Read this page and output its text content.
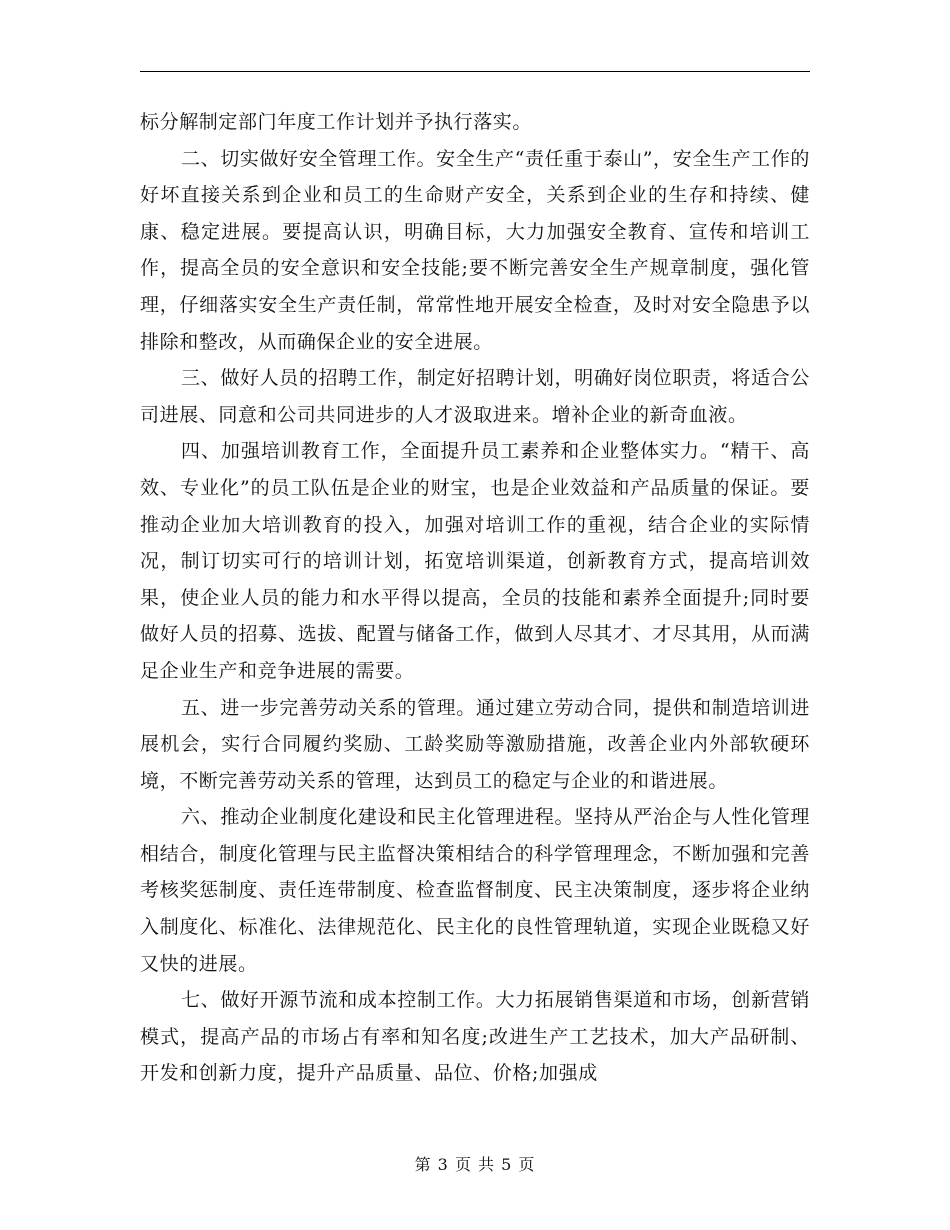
标分解制定部门年度工作计划并予执行落实。

二、切实做好安全管理工作。安全生产“责任重于泰山”，安全生产工作的好坏直接关系到企业和员工的生命财产安全，关系到企业的生存和持续、健康、稳定进展。要提高认识，明确目标，大力加强安全教育、宣传和培训工作，提高全员的安全意识和安全技能;要不断完善安全生产规章制度，强化管理，仔细落实安全生产责任制，常常性地开展安全检查，及时对安全隐患予以排除和整改，从而确保企业的安全进展。

三、做好人员的招聘工作，制定好招聘计划，明确好岗位职责，将适合公司进展、同意和公司共同进步的人才汲取进来。增补企业的新奇血液。

四、加强培训教育工作，全面提升员工素养和企业整体实力。“精干、高效、专业化”的员工队伍是企业的财宝，也是企业效益和产品质量的保证。要推动企业加大培训教育的投入，加强对培训工作的重视，结合企业的实际情况，制订切实可行的培训计划，拓宽培训渠道，创新教育方式，提高培训效果，使企业人员的能力和水平得以提高，全员的技能和素养全面提升;同时要做好人员的招募、选拔、配置与储备工作，做到人尽其才、才尽其用，从而满足企业生产和竞争进展的需要。

五、进一步完善劳动关系的管理。通过建立劳动合同，提供和制造培训进展机会，实行合同履约奖励、工龄奖励等激励措施，改善企业内外部软硬环境，不断完善劳动关系的管理，达到员工的稳定与企业的和谐进展。

六、推动企业制度化建设和民主化管理进程。坚持从严治企与人性化管理相结合，制度化管理与民主监督决策相结合的科学管理理念，不断加强和完善考核奖惩制度、责任连带制度、检查监督制度、民主决策制度，逐步将企业纳入制度化、标准化、法律规范化、民主化的良性管理轨道，实现企业既稳又好又快的进展。

七、做好开源节流和成本控制工作。大力拓展销售渠道和市场，创新营销模式，提高产品的市场占有率和知名度;改进生产工艺技术，加大产品研制、开发和创新力度，提升产品质量、品位、价格;加强成

第 3 页 共 5 页
